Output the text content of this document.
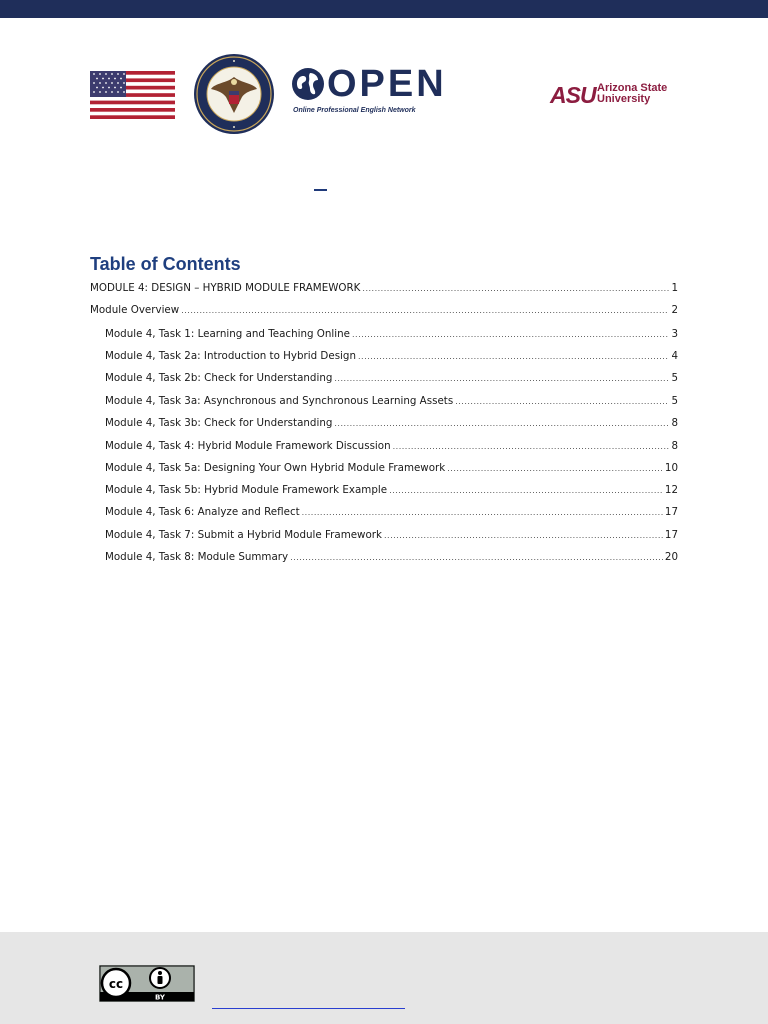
OPEN
Online Professional English Network
ASU Arizona State
University
Table of Contents
MODULE 4: DESIGN – HYBRID MODULE FRAMEWORK .....	1
Module Overview .....	2
Module 4, Task 1: Learning and Teaching Online .....	3
Module 4, Task 2a: Introduction to Hybrid Design .....	4
Module 4, Task 2b: Check for Understanding .....	5
Module 4, Task 3a: Asynchronous and Synchronous Learning Assets .....	5
Module 4, Task 3b: Check for Understanding .....	8
Module 4, Task 4: Hybrid Module Framework Discussion .....	8
Module 4, Task 5a: Designing Your Own Hybrid Module Framework .....	10
Module 4, Task 5b: Hybrid Module Framework Example .....	12
Module 4, Task 6: Analyze and Reflect .....	17
Module 4, Task 7: Submit a Hybrid Module Framework .....	17
Module 4, Task 8: Module Summary .....	20
cc
BY
